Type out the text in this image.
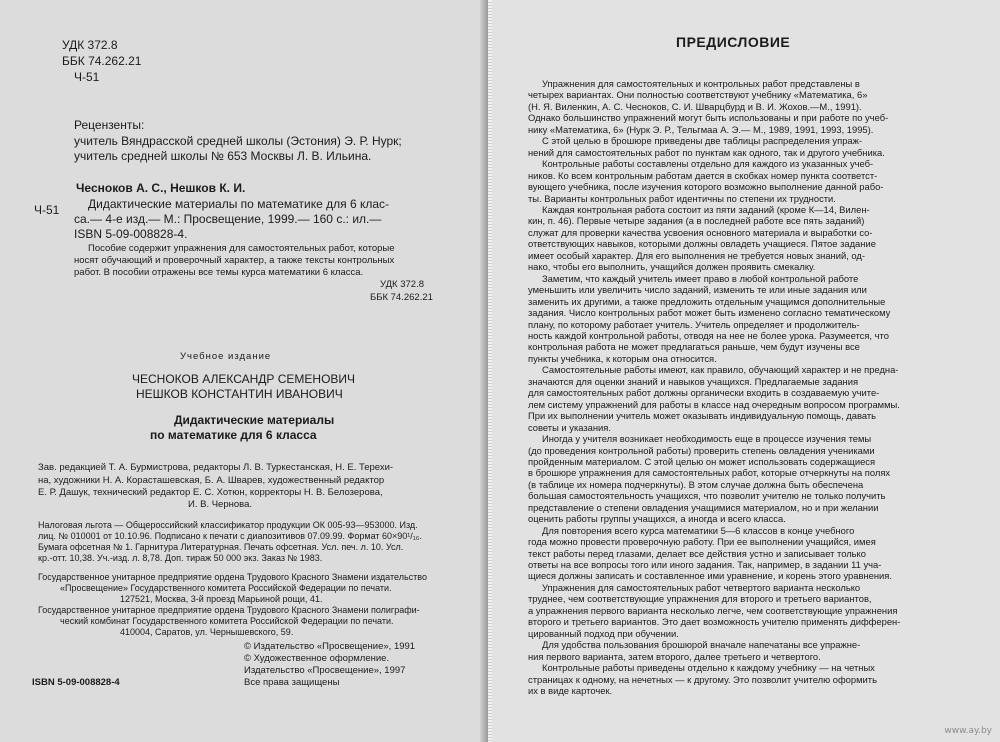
УДК 372.8
ББК 74.262.21
Ч-51
Рецензенты:
учитель Вяндрасской средней школы (Эстония) Э. Р. Нурк;
учитель средней школы № 653 Москвы Л. В. Ильина.
Чесноков А. С., Нешков К. И.
Ч-51 Дидактические материалы по математике для 6 клас-
са.— 4-е изд.— М.: Просвещение, 1999.— 160 с.: ил.—
ISBN 5-09-008828-4.
Пособие содержит упражнения для самостоятельных работ, которые
носят обучающий и проверочный характер, а также тексты контрольных
работ. В пособии отражены все темы курса математики 6 класса.
УДК 372.8
ББК 74.262.21
Учебное издание
ЧЕСНОКОВ АЛЕКСАНДР СЕМЕНОВИЧ
НЕШКОВ КОНСТАНТИН ИВАНОВИЧ
Дидактические материалы
по математике для 6 класса
Зав. редакцией Т. А. Бурмистрова, редакторы Л. В. Туркестанская, Н. Е. Терехи-
на, художники Н. А. Кораста​шевская, Б. А. Шварев, художественный редактор
Е. Р. Дашук, технический редактор Е. С. Хотюн, корректоры Н. В. Белозерова,
И. В. Чернова.
Налоговая льгота — Общероссийский классификатор продукции ОК 005-93—953000. Изд.
лиц. № 010001 от 10.10.96. Подписано к печати с диапозитивов 07.09.99. Формат 60×90¹/₁₆.
Бумага офсетная № 1. Гарнитура Литературная. Печать офсетная. Усл. печ. л. 10. Усл.
кр.-отт. 10,38. Уч.-изд. л. 8,78. Доп. тираж 50 000 экз. Заказ № 1983.
Государственное унитарное предприятие ордена Трудового Красного Знамени издательство
«Просвещение» Государственного комитета Российской Федерации по печати.
127521, Москва, 3-й проезд Марьиной рощи, 41.
Государственное унитарное предприятие ордена Трудового Красного Знамени полиграфи-
ческий комбинат Государственного комитета Российской Федерации по печати.
410004, Саратов, ул. Чернышевского, 59.
© Издательство «Просвещение», 1991
© Художественное оформление.
Издательство «Просвещение», 1997
Все права защищены
ISBN 5-09-008828-4
ПРЕДИСЛОВИЕ
Упражнения для самостоятельных и контрольных работ представлены в
четырех вариантах. Они полностью соответствуют учебнику «Математика, 6»
(Н. Я. Виленкин, А. С. Чесноков, С. И. Шварцбурд и В. И. Жохов.—М., 1991).
Однако большинство упражнений могут быть использованы и при работе по учеб-
нику «Математика, 6» (Нурк Э. Р., Тельгмаа А. Э.— М., 1989, 1991, 1993, 1995).
С этой целью в брошюре приведены две таблицы распределения упраж-
нений для самостоятельных работ по пунктам как одного, так и другого учебника.
Контрольные работы составлены отдельно для каждого из указанных учеб-
ников. Ко всем контрольным работам дается в скобках номер пункта соответст-
вующего учебника, после изучения которого возможно выполнение данной рабо-
ты. Варианты контрольных работ идентичны по степени их трудности.
Каждая контрольная работа состоит из пяти заданий (кроме К—14, Вилен-
кин, п. 46). Первые четыре задания (а в последней работе все пять заданий)
служат для проверки качества усвоения основного материала и выработки со-
ответствующих навыков, которыми должны овладеть учащиеся. Пятое задание
имеет особый характер. Для его выполнения не требуется новых знаний, од-
нако, чтобы его выполнить, учащийся должен проявить смекалку.
Заметим, что каждый учитель имеет право в любой контрольной работе
уменьшить или увеличить число заданий, изменить те или иные задания или
заменить их другими, а также предложить отдельным учащимся дополнительные
задания. Число контрольных работ может быть изменено согласно тематическому
плану, по которому работает учитель. Учитель определяет и продолжитель-
ность каждой контрольной работы, отводя на нее не более урока. Разумеется, что
контрольная работа не может предлагаться раньше, чем будут изучены все
пункты учебника, к которым она относится.
Самостоятельные работы имеют, как правило, обучающий характер и не предна-
значаются для оценки знаний и навыков учащихся. Предлагаемые задания
для самостоятельных работ должны органически входить в создаваемую учите-
лем систему упражнений для работы в классе над очередным вопросом программы.
При их выполнении учитель может оказывать индивидуальную помощь, давать
советы и указания.
Иногда у учителя возникает необходимость еще в процессе изучения темы
(до проведения контрольной работы) проверить степень овладения учениками
пройденным материалом. С этой целью он может использовать содержащиеся
в брошюре упражнения для самостоятельных работ, которые отчеркнуты на полях
(в таблице их номера подчеркнуты). В этом случае должна быть обеспечена
большая самостоятельность учащихся, что позволит учителю не только получить
представление о степени овладения учащимися материалом, но и при желании
оценить работы группы учащихся, а иногда и всего класса.
Для повторения всего курса математики 5—6 классов в конце учебного
года можно провести проверочную работу. При ее выполнении учащийся, имея
текст работы перед глазами, делает все действия устно и записывает только
ответы на все вопросы того или иного задания. Так, например, в задании 11 уча-
щиеся должны записать и составленное ими уравнение, и корень этого уравнения.
Упражнения для самостоятельных работ четвертого варианта несколько
труднее, чем соответствующие упражнения для второго и третьего вариантов,
а упражнения первого варианта несколько легче, чем соответствующие упражнения
второго и третьего вариантов. Это дает возможность учителю применять дифферен-
цированный подход при обучении.
Для удобства пользования брошюрой вначале напечатаны все упражне-
ния первого варианта, затем второго, далее третьего и четвертого.
Контрольные работы приведены отдельно к каждому учебнику — на четных
страницах к одному, на нечетных — к другому. Это позволит учителю оформить
их в виде карточек.
www.ay.by
